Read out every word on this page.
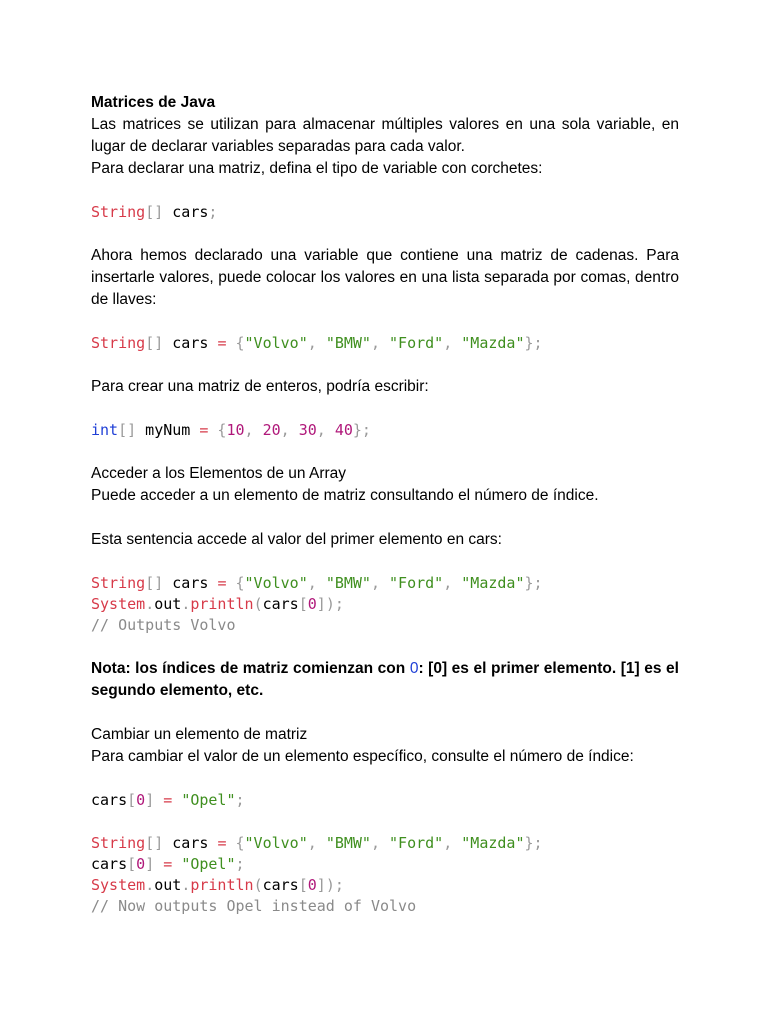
Matrices de Java

Las matrices se utilizan para almacenar múltiples valores en una sola variable, en lugar de declarar variables separadas para cada valor.

Para declarar una matriz, defina el tipo de variable con corchetes:

String[] cars;

Ahora hemos declarado una variable que contiene una matriz de cadenas. Para insertarle valores, puede colocar los valores en una lista separada por comas, dentro de llaves:

String[] cars = {"Volvo", "BMW", "Ford", "Mazda"};

Para crear una matriz de enteros, podría escribir:

int[] myNum = {10, 20, 30, 40};

Acceder a los Elementos de un Array

Puede acceder a un elemento de matriz consultando el número de índice.

Esta sentencia accede al valor del primer elemento en cars:

String[] cars = {"Volvo", "BMW", "Ford", "Mazda"};

System.out.println(cars[0]);

// Outputs Volvo

Nota: los índices de matriz comienzan con 0: [0] es el primer elemento. [1] es el segundo elemento, etc.

Cambiar un elemento de matriz

Para cambiar el valor de un elemento específico, consulte el número de índice:

cars[0] = "Opel";

String[] cars = {"Volvo", "BMW", "Ford", "Mazda"};

cars[0] = "Opel";

System.out.println(cars[0]);

// Now outputs Opel instead of Volvo
